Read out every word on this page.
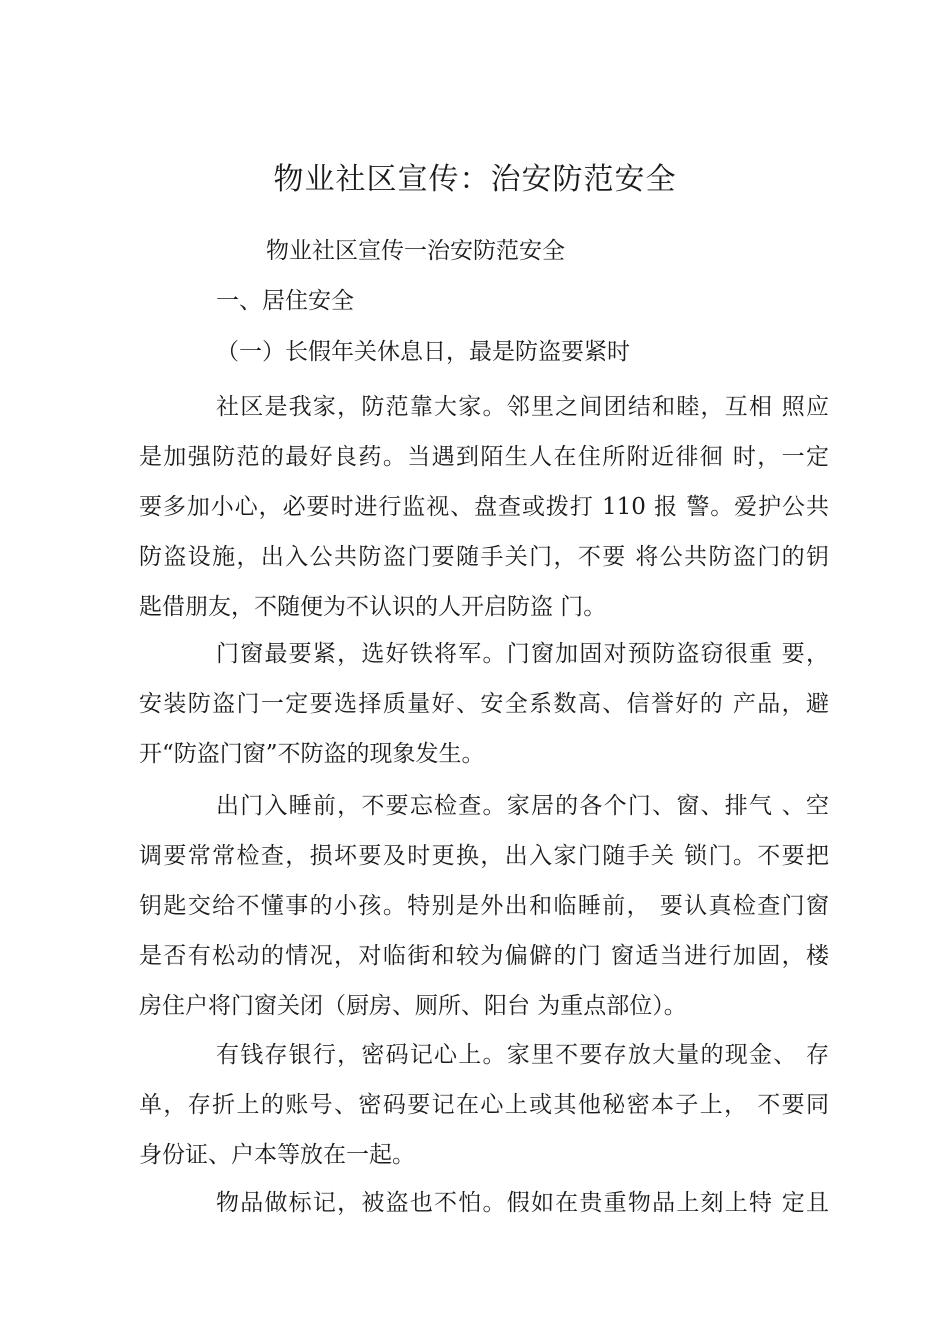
物业社区宣传：治安防范安全
物业社区宣传一治安防范安全
一、居住安全
（一）长假年关休息日，最是防盗要紧时
社区是我家，防范靠大家。邻里之间团结和睦，互相 照应
是加强防范的最好良药。当遇到陌生人在住所附近徘徊 时，一定
要多加小心，必要时进行监视、盘查或拨打 110 报 警。爱护公共
防盗设施，出入公共防盗门要随手关门，不要 将公共防盗门的钥
匙借朋友，不随便为不认识的人开启防盗 门。
门窗最要紧，选好铁将军。门窗加固对预防盗窃很重 要，
安装防盗门一定要选择质量好、安全系数高、信誉好的 产品，避
开“防盗门窗”不防盗的现象发生。
出门入睡前，不要忘检查。家居的各个门、窗、排气 、空
调要常常检查，损坏要及时更换，出入家门随手关 锁门。不要把
钥匙交给不懂事的小孩。特别是外出和临睡前， 要认真检查门窗
是否有松动的情况，对临街和较为偏僻的门 窗适当进行加固，楼
房住户将门窗关闭（厨房、厕所、阳台 为重点部位）。
有钱存银行，密码记心上。家里不要存放大量的现金、 存
单，存折上的账号、密码要记在心上或其他秘密本子上， 不要同
身份证、户本等放在一起。
物品做标记，被盗也不怕。假如在贵重物品上刻上特 定且
